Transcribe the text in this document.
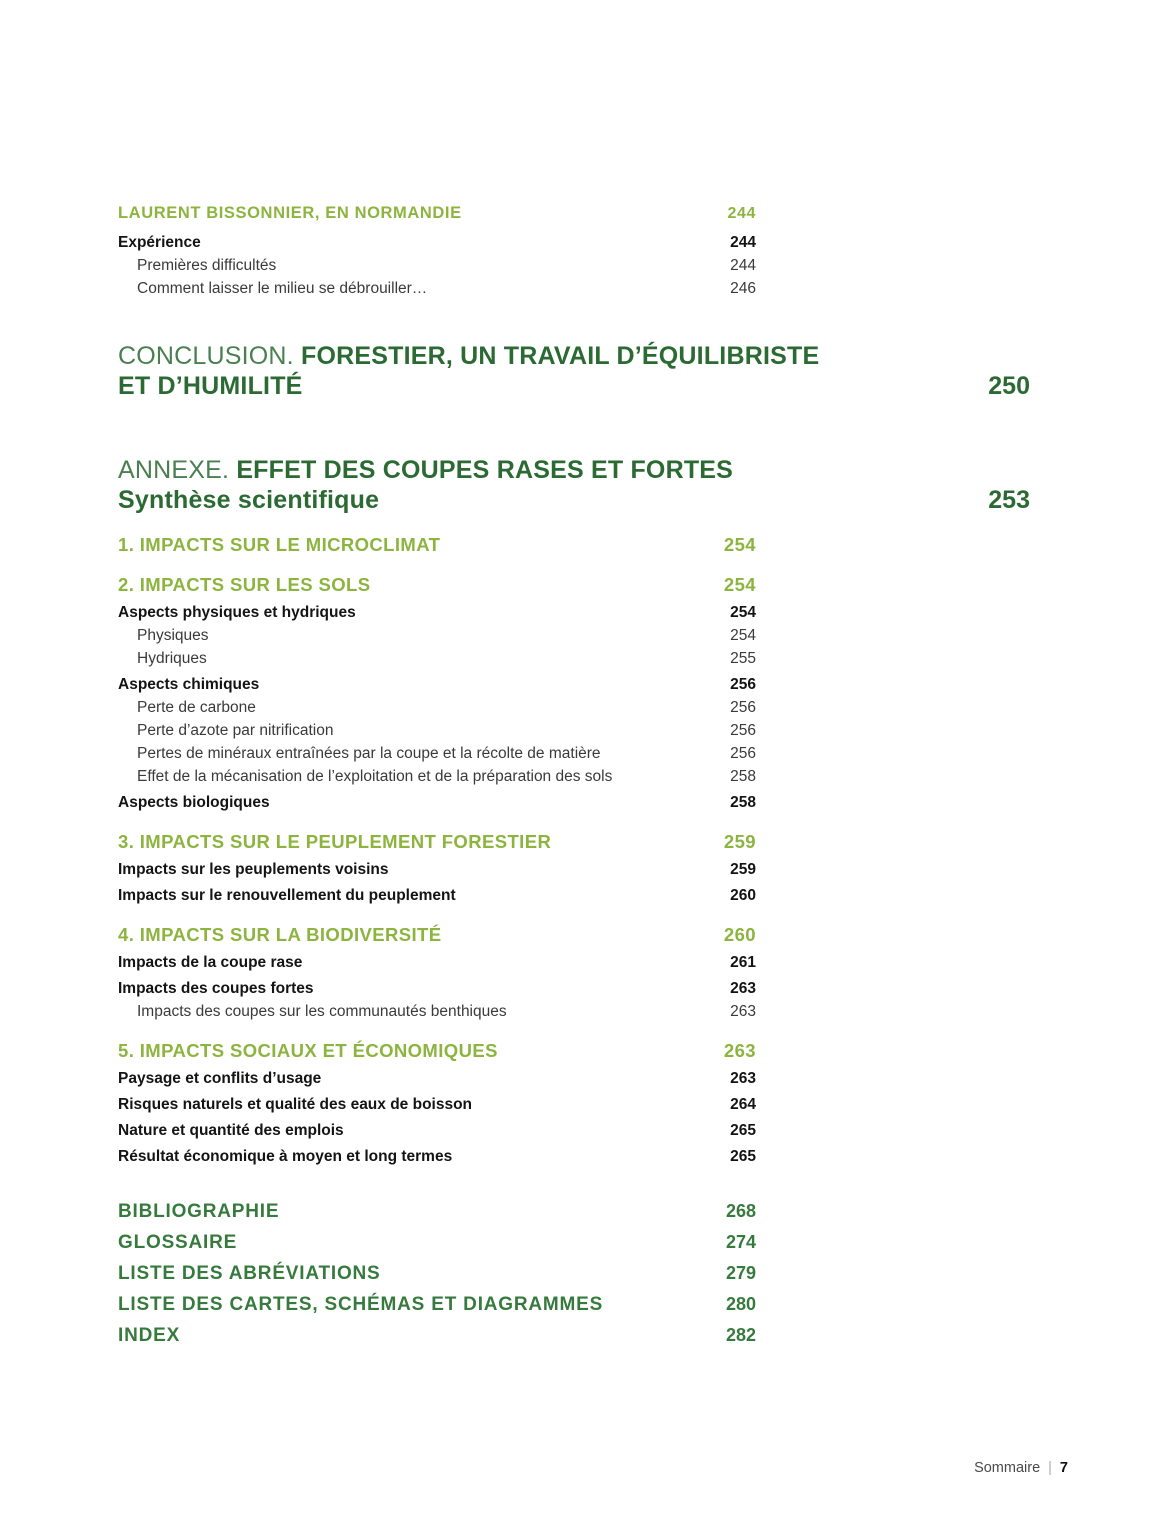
LAURENT BISSONNIER, EN NORMANDIE	244
Expérience	244
Premières difficultés	244
Comment laisser le milieu se débrouiller…	246
CONCLUSION. FORESTIER, UN TRAVAIL D’ÉQUILIBRISTE ET D’HUMILITÉ	250
ANNEXE. EFFET DES COUPES RASES ET FORTES
Synthèse scientifique	253
1. IMPACTS SUR LE MICROCLIMAT	254
2. IMPACTS SUR LES SOLS	254
Aspects physiques et hydriques	254
Physiques	254
Hydriques	255
Aspects chimiques	256
Perte de carbone	256
Perte d’azote par nitrification	256
Pertes de minéraux entraînées par la coupe et la récolte de matière	256
Effet de la mécanisation de l’exploitation et de la préparation des sols	258
Aspects biologiques	258
3. IMPACTS SUR LE PEUPLEMENT FORESTIER	259
Impacts sur les peuplements voisins	259
Impacts sur le renouvellement du peuplement	260
4. IMPACTS SUR LA BIODIVERSITÉ	260
Impacts de la coupe rase	261
Impacts des coupes fortes	263
Impacts des coupes sur les communautés benthiques	263
5. IMPACTS SOCIAUX ET ÉCONOMIQUES	263
Paysage et conflits d’usage	263
Risques naturels et qualité des eaux de boisson	264
Nature et quantité des emplois	265
Résultat économique à moyen et long termes	265
BIBLIOGRAPHIE	268
GLOSSAIRE	274
LISTE DES ABRÉVIATIONS	279
LISTE DES CARTES, SCHÉMAS ET DIAGRAMMES	280
INDEX	282
Sommaire | 7
